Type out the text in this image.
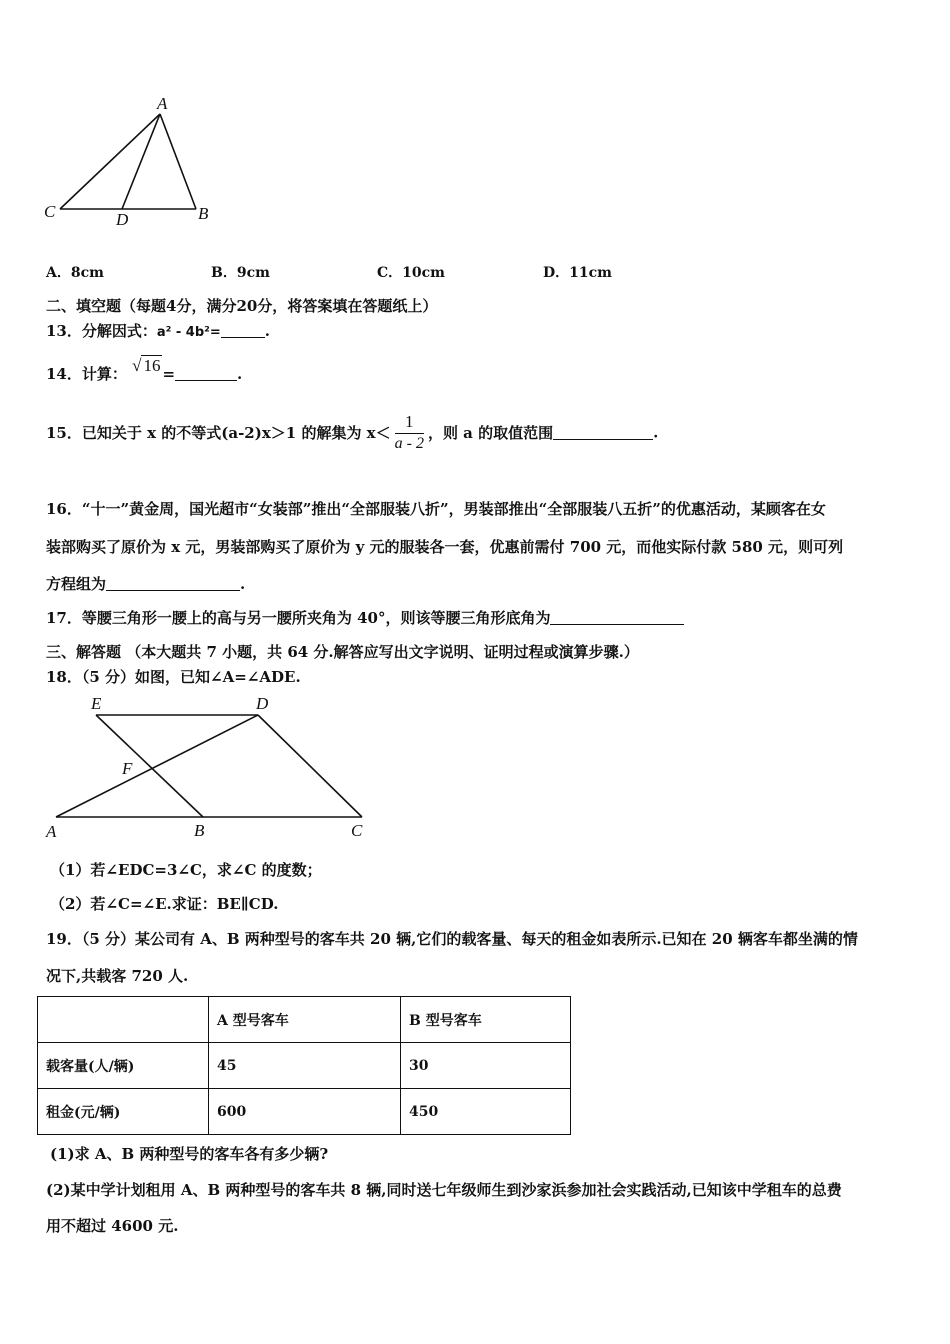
A
C	D	B
A．8cm	B．9cm	C．10cm	D．11cm
二、填空题（每题4分，满分20分，将答案填在答题纸上）
13．分解因式：a² - 4b²=	.
14．计算： √ 16 =	.
15．已知关于 x 的不等式(a-2)x＞1 的解集为 $x< \frac{1}{a - 2}$ ，则 a 的取值范围	.
16．“十一”黄金周，国光超市“女装部”推出“全部服装八折”，男装部推出“全部服装八五折”的优惠活动，某顾客在女
装部购买了原价为 x 元，男装部购买了原价为 y 元的服装各一套，优惠前需付 700 元，而他实际付款 580 元，则可列
方程组为	.
17．等腰三角形一腰上的高与另一腰所夹角为 40°，则该等腰三角形底角为
三、解答题 （本大题共 7 小题，共 64 分.解答应写出文字说明、证明过程或演算步骤.）
18．（5 分）如图，已知∠A=∠ADE.
E	D
F
A	B	C
（1）若∠EDC=3∠C，求∠C 的度数；
（2）若∠C=∠E.求证：BE∥CD.
19．（5 分）某公司有 A、B 两种型号的客车共 20 辆,它们的载客量、每天的租金如表所示.已知在 20 辆客车都坐满的情
况下,共载客 720 人.
	A 型号客车	B 型号客车
载客量(人/辆)	45	30
租金(元/辆)	600	450
(1)求 A、B 两种型号的客车各有多少辆?
(2)某中学计划租用 A、B 两种型号的客车共 8 辆,同时送七年级师生到沙家浜参加社会实践活动,已知该中学租车的总费
用不超过 4600 元.
